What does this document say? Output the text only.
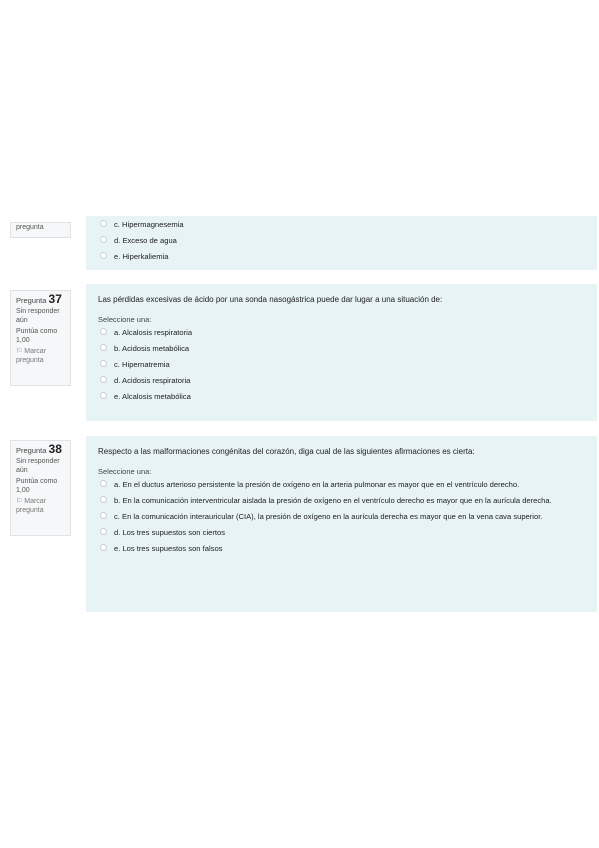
pregunta	c. Hipermagnesemia
d. Exceso de agua
e. Hiperkaliemia
Pregunta 37
Sin responder aún
Puntúa como 1,00
⚐ Marcar pregunta
Las pérdidas excesivas de ácido por una sonda nasogástrica puede dar lugar a una situación de:
Seleccione una:
a. Alcalosis respiratoria
b. Acidosis metabólica
c. Hipernatremia
d. Acidosis respiratoria
e. Alcalosis metabólica
Pregunta 38
Sin responder aún
Puntúa como 1,00
⚐ Marcar pregunta
Respecto a las malformaciones congénitas del corazón, diga cual de las siguientes afirmaciones es cierta:
Seleccione una:
a. En el ductus arterioso persistente la presión de oxígeno en la arteria pulmonar es mayor que en el ventrículo derecho.
b. En la comunicación interventricular aislada la presión de oxígeno en el ventrículo derecho es mayor que en la aurícula derecha.
c. En la comunicación interauricular (CIA), la presión de oxígeno en la aurícula derecha es mayor que en la vena cava superior.
d. Los tres supuestos son ciertos
e. Los tres supuestos son falsos
